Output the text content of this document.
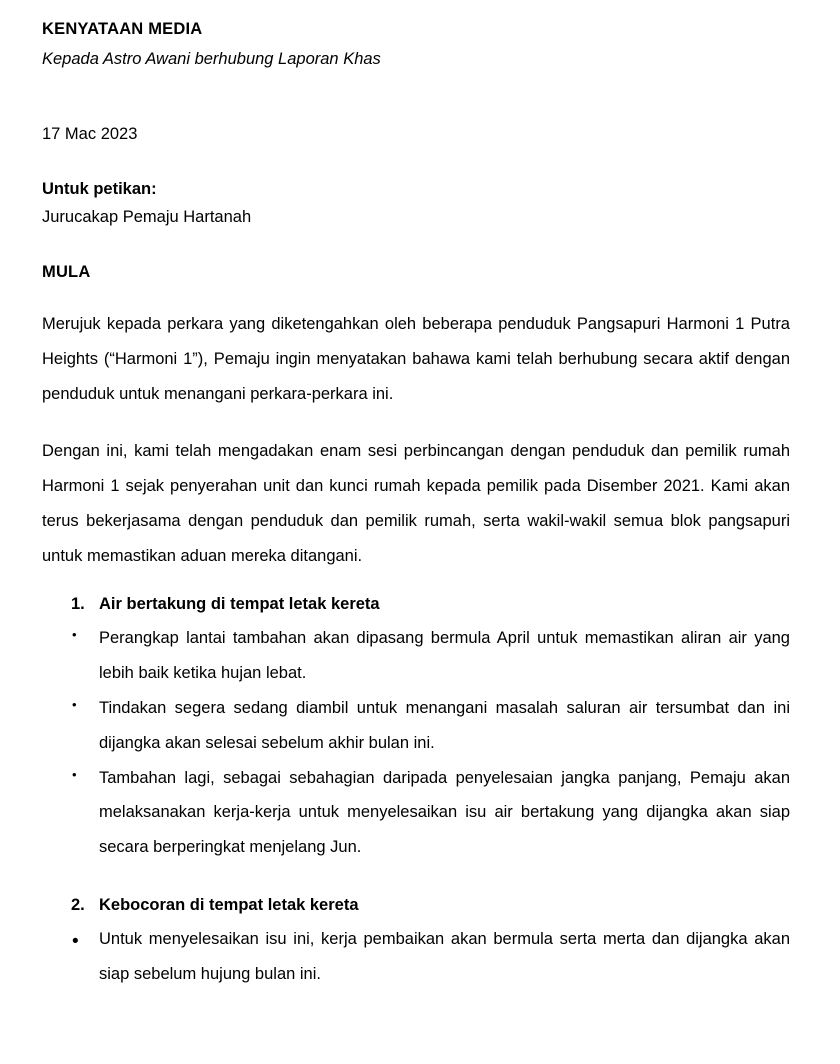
KENYATAAN MEDIA

Kepada Astro Awani berhubung Laporan Khas

17 Mac 2023

Untuk petikan:

Jurucakap Pemaju Hartanah

MULA

Merujuk kepada perkara yang diketengahkan oleh beberapa penduduk Pangsapuri Harmoni 1 Putra Heights (“Harmoni 1”), Pemaju ingin menyatakan bahawa kami telah berhubung secara aktif dengan penduduk untuk menangani perkara-perkara ini.

Dengan ini, kami telah mengadakan enam sesi perbincangan dengan penduduk dan pemilik rumah Harmoni 1 sejak penyerahan unit dan kunci rumah kepada pemilik pada Disember 2021. Kami akan terus bekerjasama dengan penduduk dan pemilik rumah, serta wakil-wakil semua blok pangsapuri untuk memastikan aduan mereka ditangani.

1. Air bertakung di tempat letak kereta

• Perangkap lantai tambahan akan dipasang bermula April untuk memastikan aliran air yang lebih baik ketika hujan lebat.
• Tindakan segera sedang diambil untuk menangani masalah saluran air tersumbat dan ini dijangka akan selesai sebelum akhir bulan ini.
• Tambahan lagi, sebagai sebahagian daripada penyelesaian jangka panjang, Pemaju akan melaksanakan kerja-kerja untuk menyelesaikan isu air bertakung yang dijangka akan siap secara berperingkat menjelang Jun.

2. Kebocoran di tempat letak kereta

• Untuk menyelesaikan isu ini, kerja pembaikan akan bermula serta merta dan dijangka akan siap sebelum hujung bulan ini.
